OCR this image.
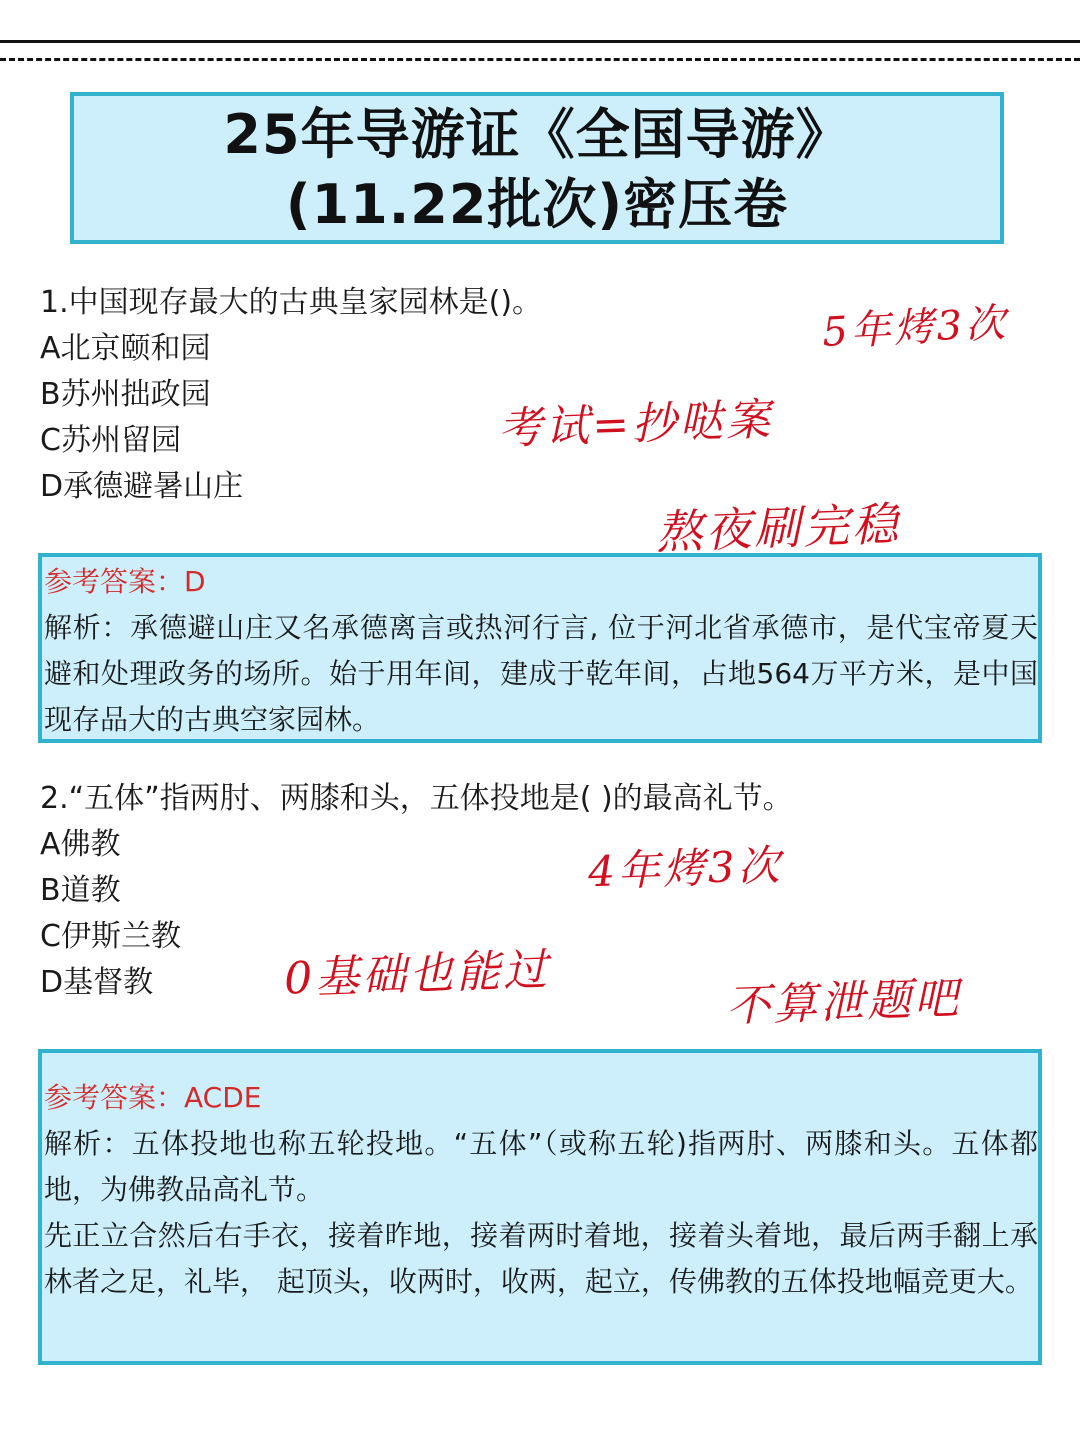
25年导游证《全国导游》
(11.22批次)密压卷
1.中国现存最大的古典皇家园林是()。
A北京颐和园
B苏州拙政园
C苏州留园
D承德避暑山庄
参考答案：D
解析：承德避山庄又名承德离言或热河行言, 位于河北省承德市，是代宝帝夏天避和处理政务的场所。始于用年间，建成于乾年间，占地564万平方米，是中国现存品大的古典空家园林。
2.“五体”指两肘、两膝和头，五体投地是( )的最高礼节。
A佛教
B道教
C伊斯兰教
D基督教
参考答案：ACDE
解析：五体投地也称五轮投地。“五体”（或称五轮)指两肘、两膝和头。五体都地，为佛教品高礼节。
先正立合然后右手衣，接着昨地，接着两时着地，接着头着地，最后两手翻上承林者之足，礼毕， 起顶头，收两时，收两，起立，传佛教的五体投地幅竞更大。
5年烤3次
考试=抄哒案
熬夜刷完稳
4年烤3次
0基础也能过	不算泄题吧
